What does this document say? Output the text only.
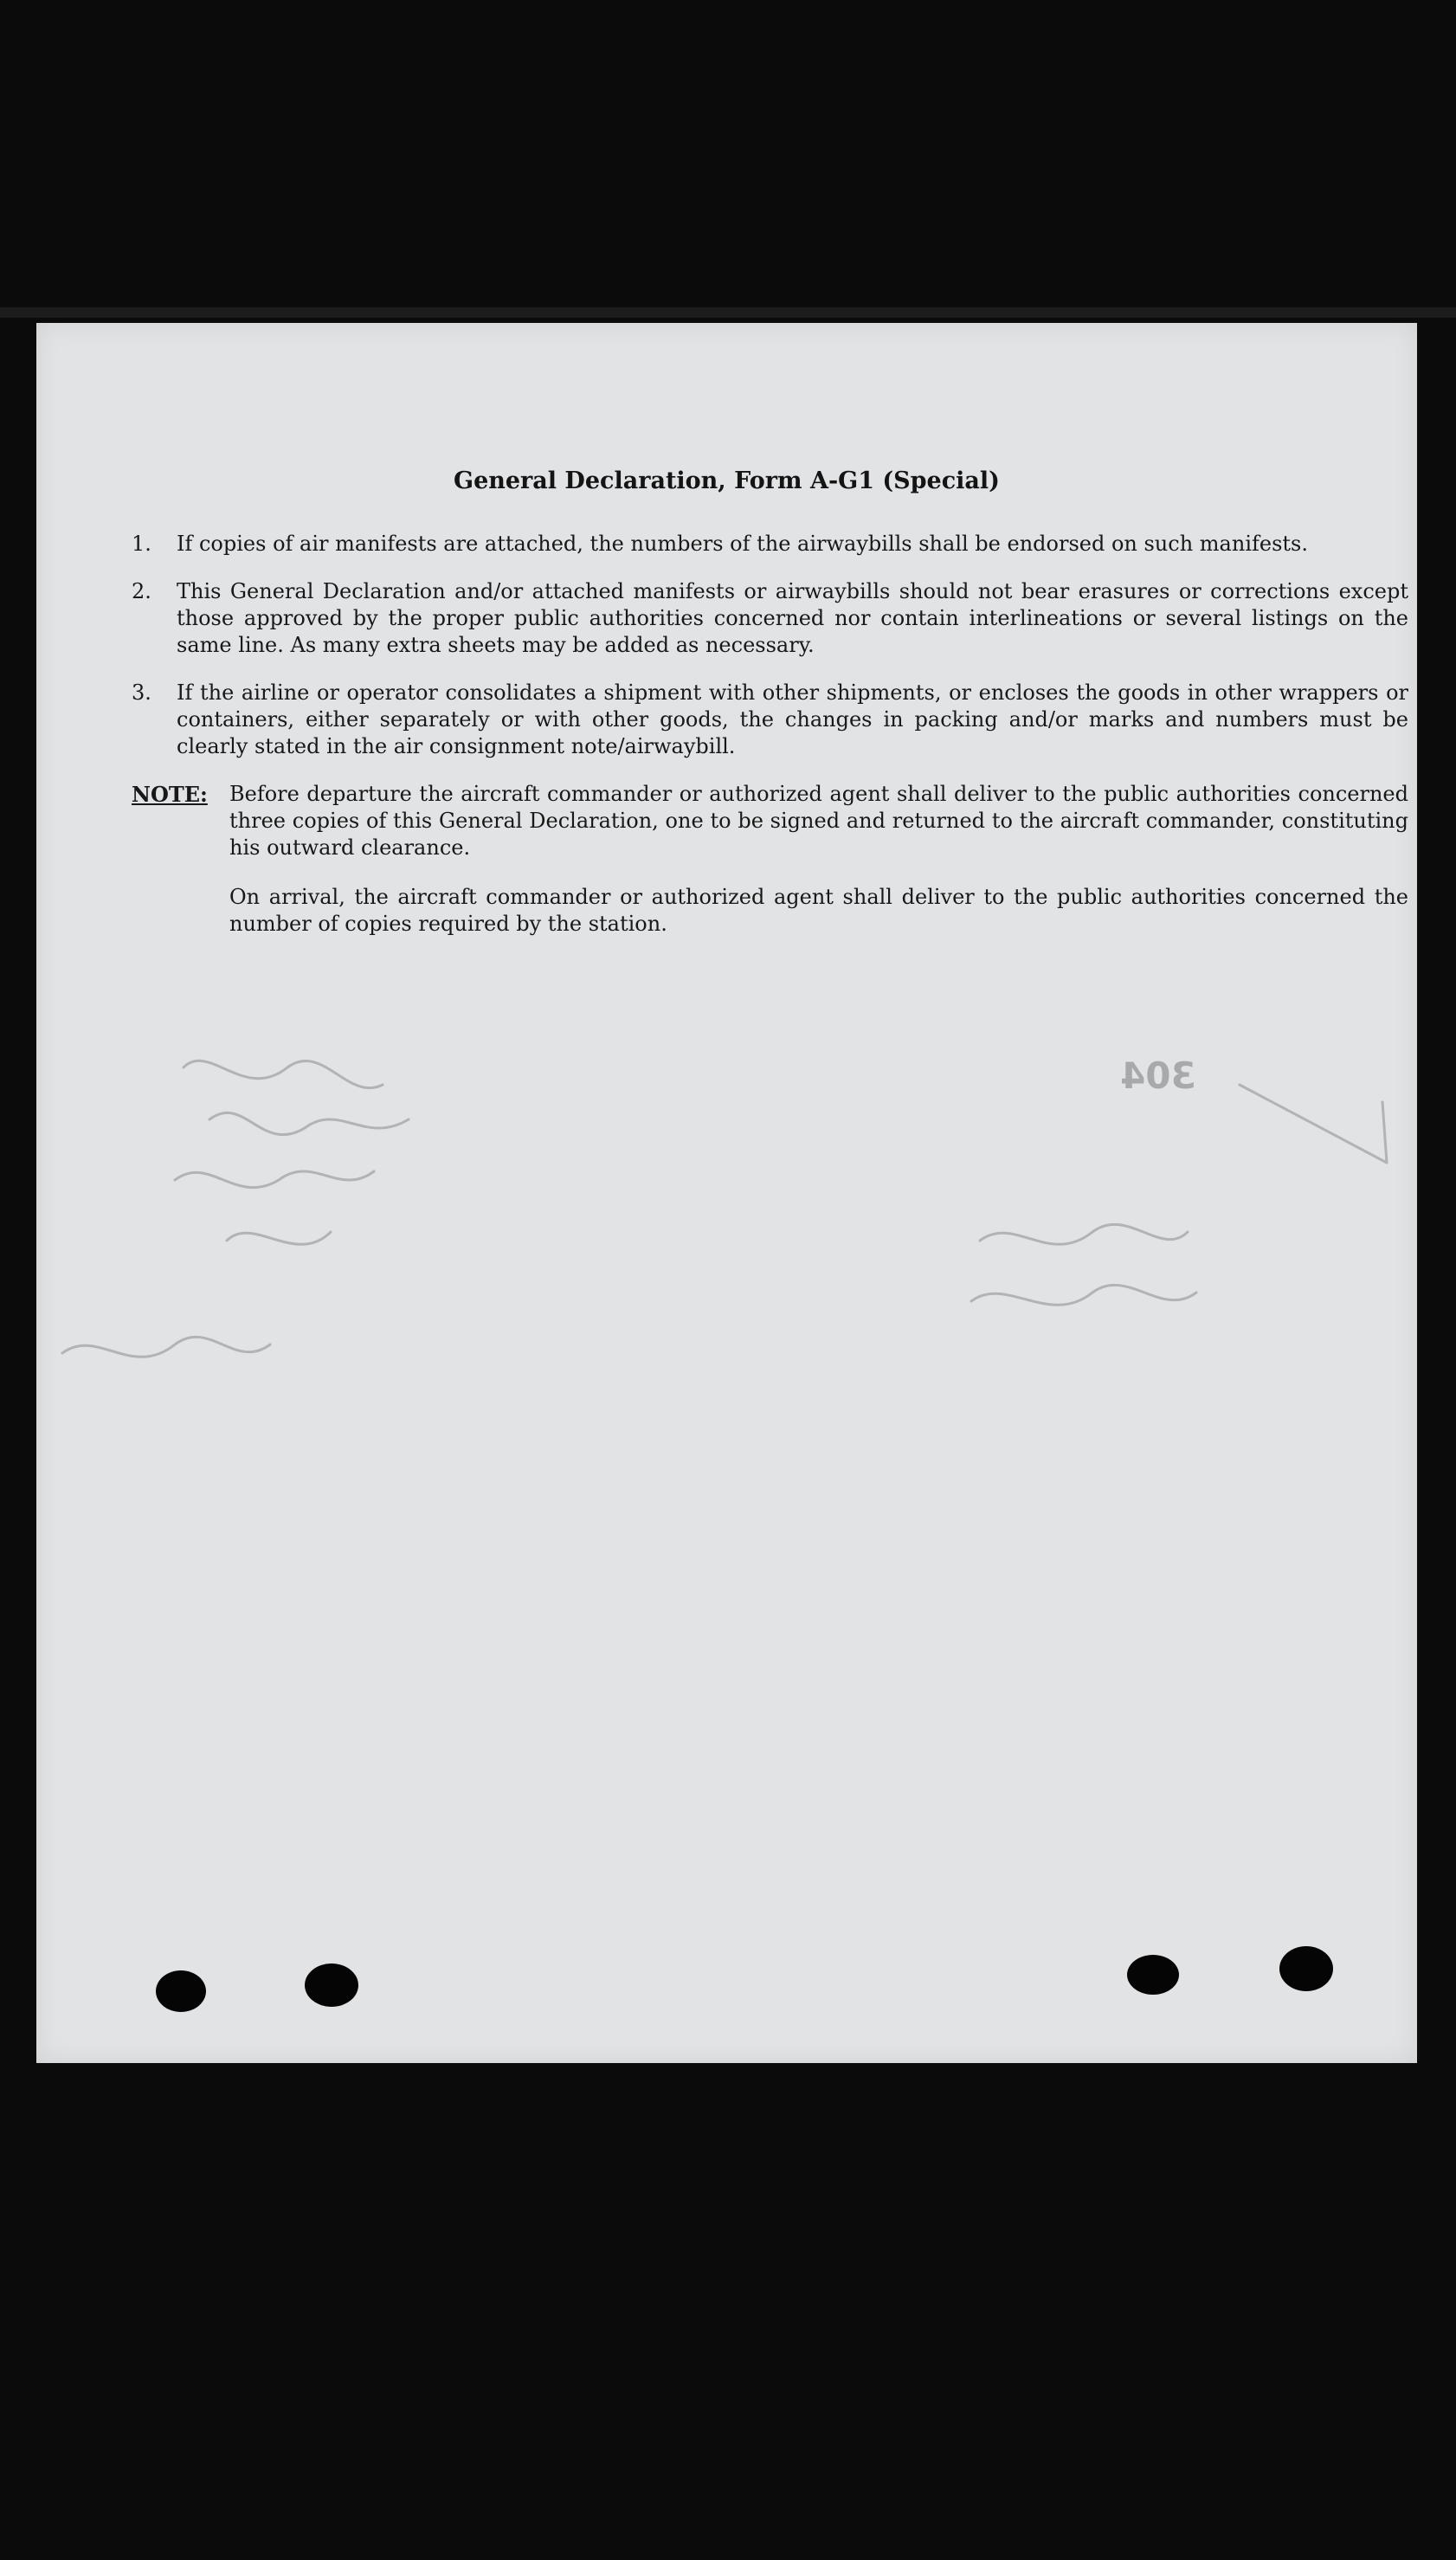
General Declaration, Form A-G1 (Special)
1.	If copies of air manifests are attached, the numbers of the airwaybills shall be endorsed on such manifests.
2.	This General Declaration and/or attached manifests or airwaybills should not bear erasures or corrections except those approved by the proper public authorities concerned nor contain interlineations or several listings on the same line. As many extra sheets may be added as necessary.
3.	If the airline or operator consolidates a shipment with other shipments, or encloses the goods in other wrappers or containers, either separately or with other goods, the changes in packing and/or marks and numbers must be clearly stated in the air consignment note/airwaybill.
NOTE:	Before departure the aircraft commander or authorized agent shall deliver to the public authorities concerned three copies of this General Declaration, one to be signed and returned to the aircraft commander, constituting his outward clearance.

On arrival, the aircraft commander or authorized agent shall deliver to the public authorities concerned the number of copies required by the station.

304
